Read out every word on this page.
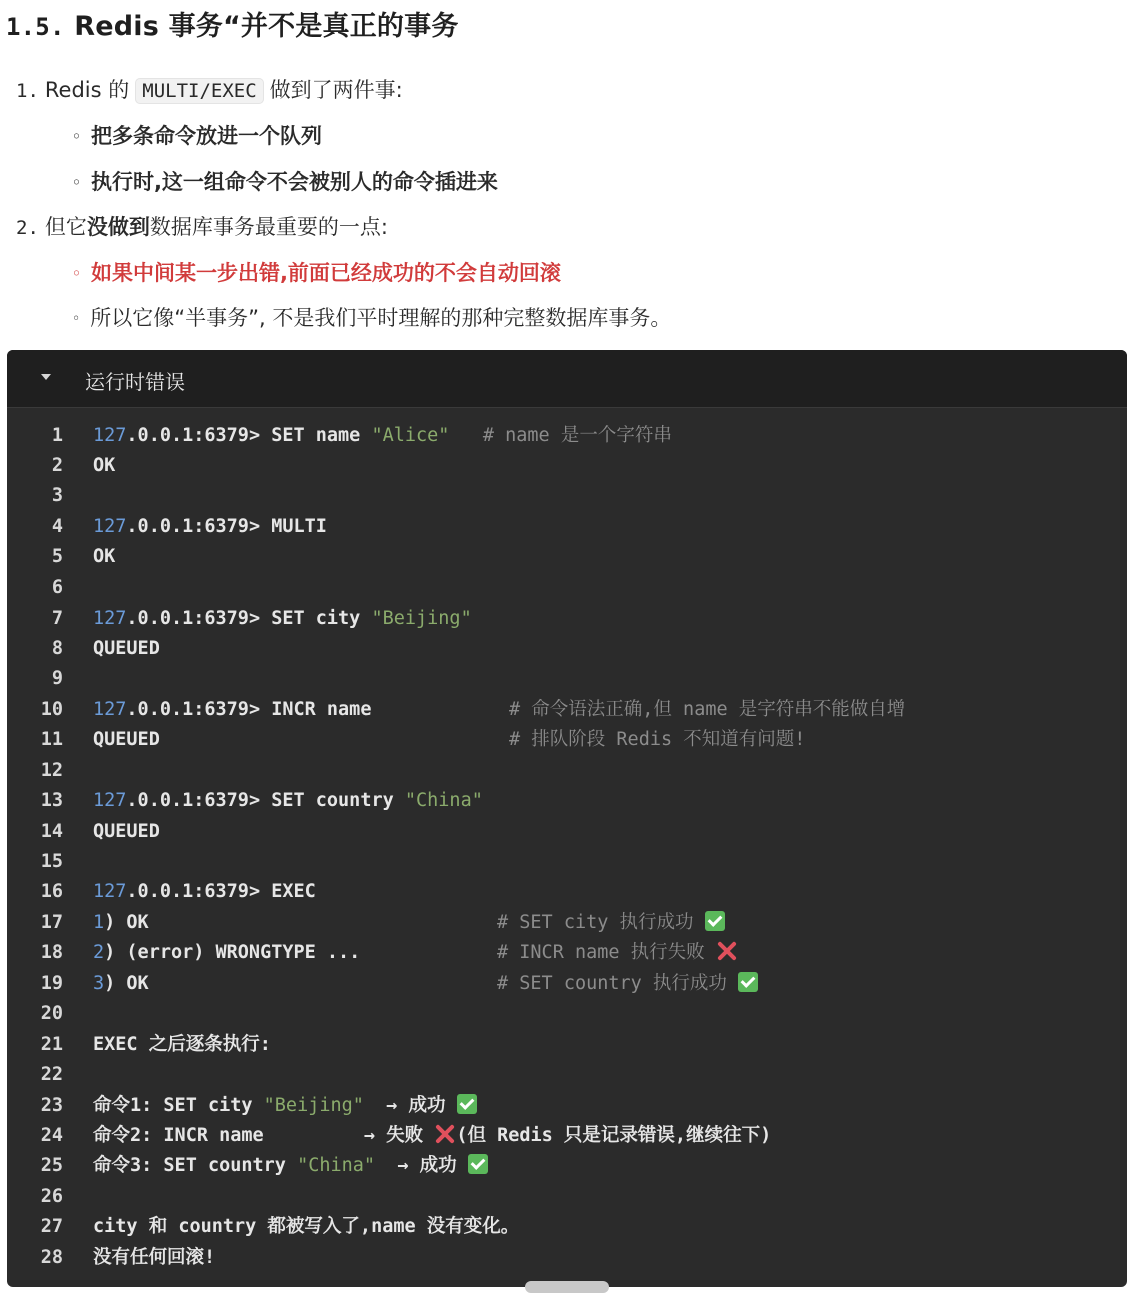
1.5. Redis 事务“并不是真正的事务
1. Redis 的 MULTI/EXEC 做到了两件事:
◦ 把多条命令放进一个队列
◦ 执行时,这一组命令不会被别人的命令插进来
2. 但它没做到数据库事务最重要的一点:
◦ 如果中间某一步出错,前面已经成功的不会自动回滚
◦ 所以它像“半事务”, 不是我们平时理解的那种完整数据库事务。
运行时错误
1 127.0.0.1:6379> SET name "Alice" # name 是一个字符串
2 OK
3
4 127.0.0.1:6379> MULTI
5 OK
6
7 127.0.0.1:6379> SET city "Beijing"
8 QUEUED
9
10 127.0.0.1:6379> INCR name	# 命令语法正确,但 name 是字符串不能做自增
11 QUEUED	# 排队阶段 Redis 不知道有问题!
12
13 127.0.0.1:6379> SET country "China"
14 QUEUED
15
16 127.0.0.1:6379> EXEC
17 1) OK	# SET city 执行成功
18 2) (error) WRONGTYPE ...	# INCR name 执行失败
19 3) OK	# SET country 执行成功
20
21 EXEC 之后逐条执行:
22
23 命令1: SET city "Beijing"  → 成功
24 命令2: INCR name	→ 失败 (但 Redis 只是记录错误,继续往下)
25 命令3: SET country "China"  → 成功
26
27 city 和 country 都被写入了,name 没有变化。
28 没有任何回滚!
